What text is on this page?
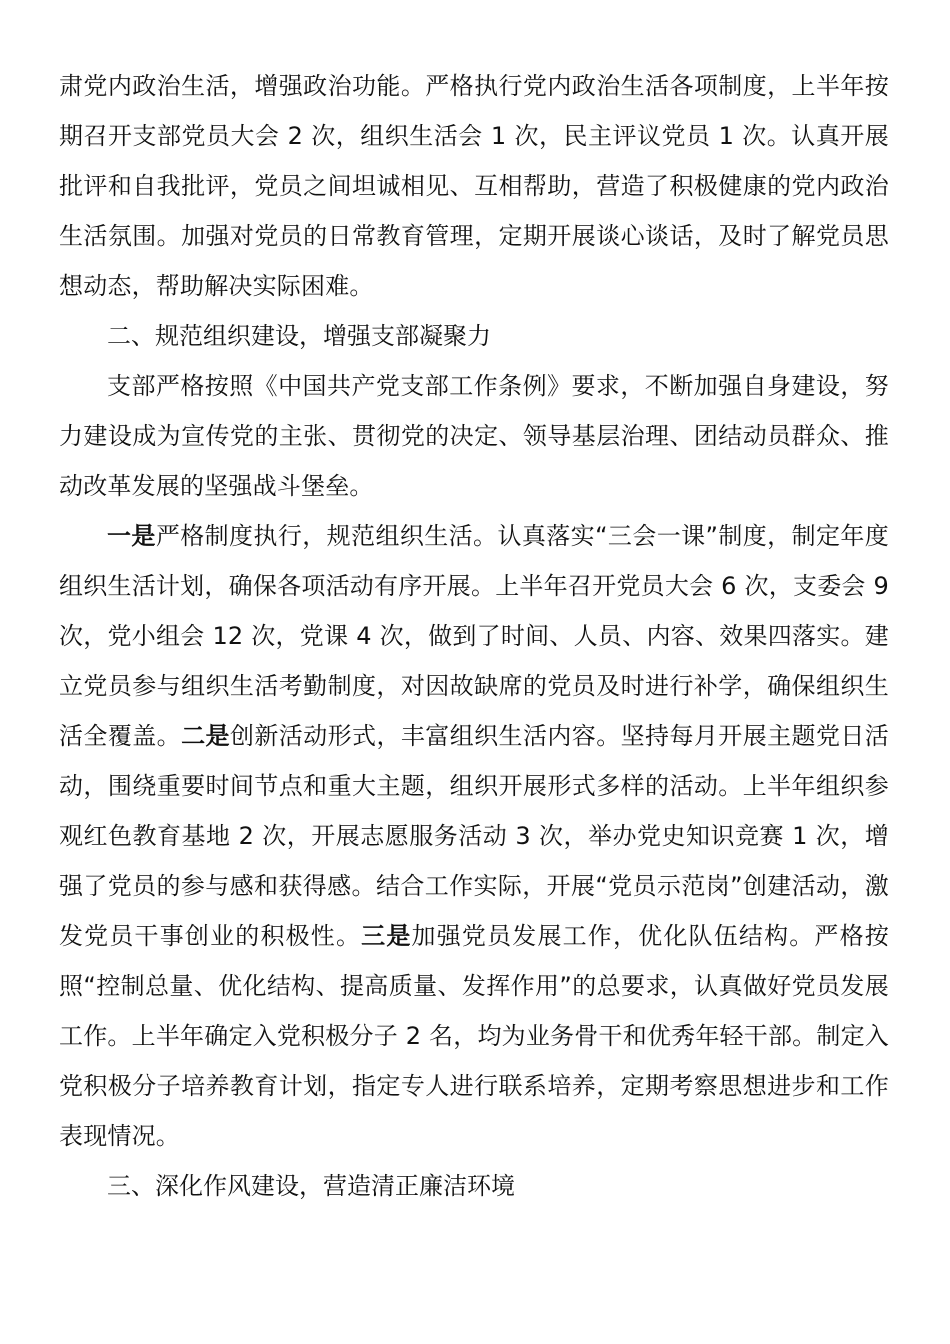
肃党内政治生活，增强政治功能。严格执行党内政治生活各项制度，上半年按期召开支部党员大会 2 次，组织生活会 1 次，民主评议党员 1 次。认真开展批评和自我批评，党员之间坦诚相见、互相帮助，营造了积极健康的党内政治生活氛围。加强对党员的日常教育管理，定期开展谈心谈话，及时了解党员思想动态，帮助解决实际困难。

二、规范组织建设，增强支部凝聚力

支部严格按照《中国共产党支部工作条例》要求，不断加强自身建设，努力建设成为宣传党的主张、贯彻党的决定、领导基层治理、团结动员群众、推动改革发展的坚强战斗堡垒。

一是严格制度执行，规范组织生活。认真落实“三会一课”制度，制定年度组织生活计划，确保各项活动有序开展。上半年召开党员大会 6 次，支委会 9 次，党小组会 12 次，党课 4 次，做到了时间、人员、内容、效果四落实。建立党员参与组织生活考勤制度，对因故缺席的党员及时进行补学，确保组织生活全覆盖。二是创新活动形式，丰富组织生活内容。坚持每月开展主题党日活动，围绕重要时间节点和重大主题，组织开展形式多样的活动。上半年组织参观红色教育基地 2 次，开展志愿服务活动 3 次，举办党史知识竞赛 1 次，增强了党员的参与感和获得感。结合工作实际，开展“党员示范岗”创建活动，激发党员干事创业的积极性。三是加强党员发展工作，优化队伍结构。严格按照“控制总量、优化结构、提高质量、发挥作用”的总要求，认真做好党员发展工作。上半年确定入党积极分子 2 名，均为业务骨干和优秀年轻干部。制定入党积极分子培养教育计划，指定专人进行联系培养，定期考察思想进步和工作表现情况。

三、深化作风建设，营造清正廉洁环境
